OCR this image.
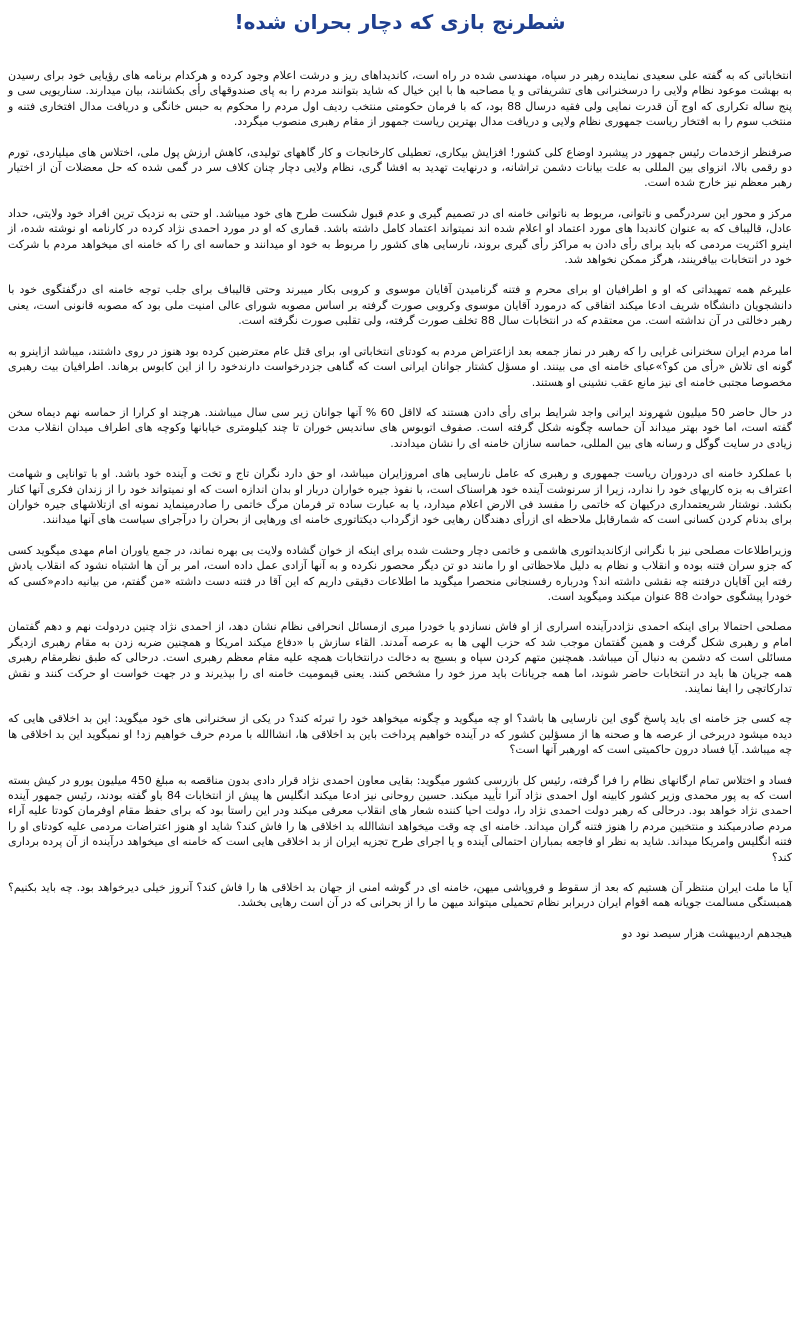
شطرنج بازی که دچار بحران شده!

انتخاباتی که به گفته علی سعیدی نماینده رهبر در سپاه، مهندسی شده در راه است، کاندیداهای ریز و درشت اعلام وجود کرده و هرکدام برنامه های رؤیایی خود برای رسیدن به بهشت موعود نظام ولایی را درسخنرانی های تشریفاتی و یا مصاحبه ها با این خیال که شاید بتوانند مردم را به پای صندوقهای رأی بکشانند، بیان میدارند. سناریویی سی و پنج ساله تکراری که اوج آن قدرت نمایی ولی فقیه درسال 88 بود، که با فرمان حکومتی منتخب ردیف اول مردم را محکوم به حبس خانگی و دریافت مدال افتخاری فتنه و منتخب سوم را به افتخار ریاست جمهوری نظام ولایی و دریافت مدال بهترین ریاست جمهور از مقام رهبری منصوب میگردد.

صرفنظر ازخدمات رئیس جمهور در پیشبرد اوضاع کلی کشور! افزایش بیکاری، تعطیلی کارخانجات و کار گاههای تولیدی، کاهش ارزش پول ملی، اختلاس های میلیاردی، تورم دو رقمی بالا، انزوای بین المللی به علت بیانات دشمن تراشانه، و درنهایت تهدید به افشا گری، نظام ولایی دچار چنان کلاف سر در گمی شده که حل معضلات آن از اختیار رهبر معظم نیز خارج شده است.

مرکز و محور این سردرگمی و ناتوانی، مربوط به ناتوانی خامنه ای در تصمیم گیری و عدم قبول شکست طرح های خود میباشد. او حتی به نزدیک ترین افراد خود ولایتی، حداد عادل، قالیباف که به عنوان کاندیدا های مورد اعتماد او اعلام شده اند نمیتواند اعتماد کامل داشته باشد. قماری که او در مورد احمدی نژاد کرده در کارنامه او نوشته شده، از اینرو اکثریت مردمی که باید برای رأی دادن به مراکز رأی گیری بروند، نارسایی های کشور را مربوط به خود او میدانند و حماسه ای را که خامنه ای میخواهد مردم با شرکت خود در انتخابات بیافرینند، هرگز ممکن نخواهد شد.

علیرغم همه تمهیداتی که او و اطرافیان او برای محرم و فتنه گرنامیدن آقایان موسوی و کروبی بکار میبرند وحتی قالیباف برای جلب توجه خامنه ای درگفتگوی خود با دانشجویان دانشگاه شریف ادعا میکند اتفاقی که درمورد آقایان موسوی وکروبی صورت گرفته بر اساس مصوبه شورای عالی امنیت ملی بود که مصوبه قانونی است، یعنی رهبر دخالتی در آن نداشته است. من معتقدم که در انتخابات سال 88 تخلف صورت گرفته، ولی تقلبی صورت نگرفته است.

اما مردم ایران سخنرانی غرایی را که رهبر در نماز جمعه بعد ازاعتراض مردم به کودتای انتخاباتی او، برای قتل عام معترضین کرده بود هنوز در روی داشتند، میباشد ازاینرو به گونه ای تلاش «رأی من کو؟»عبای خامنه ای می بینند. او مسؤل کشتار جوانان ایرانی است که گناهی جزدرخواست دارندخود را از این کابوس برهاند. اطرافیان بیت رهبری مخصوصا مجتبی خامنه ای نیز مانع عقب نشینی او هستند.

در حال حاضر 50 میلیون شهروند ایرانی واجد شرایط برای رأی دادن هستند که لااقل 60 % آنها جوانان زیر سی سال میباشند. هرچند او کرارا از حماسه نهم دیماه سخن گفته است، اما خود بهتر میداند آن حماسه چگونه شکل گرفته است. صفوف اتوبوس های سانديس خوران تا چند کیلومتری خیابانها وکوچه های اطراف میدان انقلاب مدت زیادی در سایت گوگل و رسانه های بین المللی، حماسه سازان خامنه ای را نشان میدادند.

با عملکرد خامنه ای دردوران ریاست جمهوری و رهبری که عامل نارسایی های امروزایران میباشد، او حق دارد نگران تاج و تخت و آینده خود باشد. او با توانایی و شهامت اعتراف به بزه کاریهای خود را ندارد، زیرا از سرنوشت آینده خود هراسناک است، با نفوذ جیره خواران دربار او بدان اندازه است که او نمیتواند خود را از زندان فکری آنها کنار بکشد. نوشتار شریعتمداری درکیهان که خاتمی را مفسد فی الارض اعلام میدارد، یا به عبارت ساده تر فرمان مرگ خاتمی را صادرمینماید نمونه ای ازتلاشهای جیره خواران برای بدنام کردن کسانی است که شمارقابل ملاحظه ای ازرأی دهندگان رهایی خود ازگرداب دیکتاتوری خامنه ای ورهایی از بحران را درآجرای سیاست های آنها میدانند.

وزیراطلاعات مصلحی نیز با نگرانی ازکاندیداتوری هاشمی و خاتمی دچار وحشت شده برای اینکه از خوان گشاده ولایت بی بهره نماند، در جمع یاوران امام مهدی میگوید کسی که جزو سران فتنه بوده و انقلاب و نظام به دلیل ملاحظاتی او را مانند دو تن دیگر محصور نکرده و به آنها آزادی عمل داده است، امر بر آن ها اشتباه نشود که انقلاب یادش رفته این آقایان درفتنه چه نقشی داشته اند؟ ودرباره رفسنجانی منحصرا میگوید ما اطلاعات دقیقی داریم که این آقا در فتنه دست داشته «من گفتم، من بیانیه دادم«کسی که خودرا پیشگوی حوادث 88 عنوان میکند ومیگوید است.

مصلحی احتمالا برای اینکه احمدی نژاددرآینده اسراری از او فاش نسازدو یا خودرا مبری ازمسائل انحرافی نظام نشان دهد، از احمدی نژاد چنین دردولت نهم و دهم گفتمان امام و رهبری شکل گرفت و همین گفتمان موجب شد که حزب الهی ها به عرصه آمدند. القاء سازش با «دفاع میکند امریکا و همچنین ضربه زدن به مقام رهبری ازدیگر مسائلی است که دشمن به دنبال آن میباشد. همچنین متهم کردن سپاه و بسیج به دخالت درانتخابات همچه علیه مقام معظم رهبری است. درحالی که طبق نظرمقام رهبری همه جریان ها باید در انتخابات حاضر شوند، اما همه جریانات باید مرز خود را مشخص کنند. یعنی قیمومیت خامنه ای را بپذیرند و در جهت خواست او حرکت کنند و نقش تدارکاتچی را ایفا نمایند.

چه کسی جز خامنه ای باید پاسخ گوی این نارسایی ها باشد؟ او چه میگوید و چگونه میخواهد خود را تبرئه کند؟ در یکی از سخنرانی های خود میگوید: این بد اخلاقی هایی که دیده میشود دربرخی از عرصه ها و صحنه ها از مسؤلین کشور که در آینده خواهیم پرداخت باین بد اخلاقی ها، انشاالله با مردم حرف خواهیم زد! او نمیگوید این بد اخلاقی ها چه میباشد. آیا فساد درون حاکمیتی است که اورهبر آنها است؟

فساد و اختلاس تمام ارگانهای نظام را فرا گرفته، رئیس کل بازرسی کشور میگوید: بقایی معاون احمدی نژاد قرار دادی بدون مناقصه به مبلغ 450 میلیون یورو در کیش بسته است که به پور محمدی وزیر کشور کابینه اول احمدی نژاد آنرا تأیید میکند. حسین روحانی نیز ادعا میکند انگلیس ها پیش از انتخابات 84 باو گفته بودند، رئیس جمهور آینده احمدی نژاد خواهد بود. درحالی که رهبر دولت احمدی نژاد را، دولت احیا کننده شعار های انقلاب معرفی میکند ودر این راستا بود که برای حفظ مقام اوفرمان کودتا علیه آراء مردم صادرمیکند و منتخبین مردم را هنوز فتنه گران میداند. خامنه ای چه وقت میخواهد انشاالله بد اخلاقی ها را فاش کند؟ شاید او هنوز اعتراضات مردمی علیه کودتای او را فتنه انگلیس وامریکا میداند. شاید به نظر او فاجعه بمباران احتمالی آینده و یا اجرای طرح تجزیه ایران از بد اخلاقی هایی است که خامنه ای میخواهد درآینده از آن پرده برداری کند؟

آیا ما ملت ایران منتظر آن هستیم که بعد از سقوط و فروپاشی میهن، خامنه ای در گوشه امنی از جهان بد اخلاقی ها را فاش کند؟ آنروز خیلی دیرخواهد بود. چه باید بکنیم؟ همبستگی مسالمت جویانه همه اقوام ایران دربرابر نظام تحمیلی میتواند میهن ما را از بحرانی که در آن است رهایی بخشد.

هیجدهم اردیبهشت هزار سیصد نود دو
